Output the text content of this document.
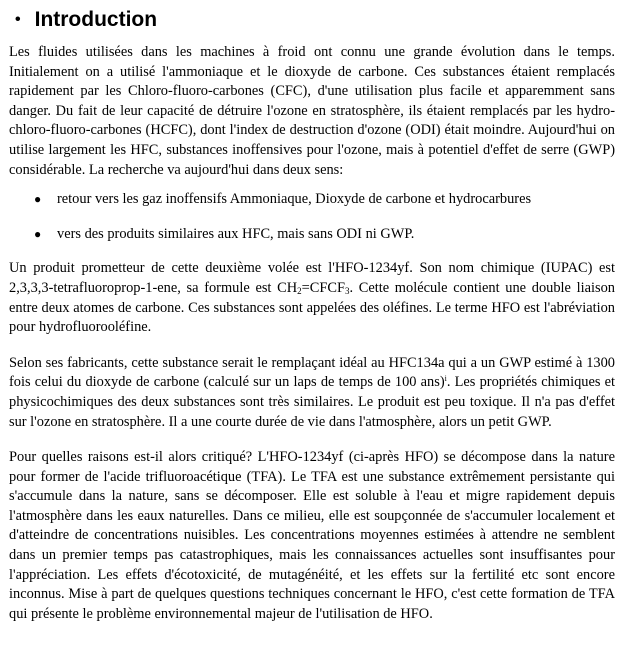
• Introduction

Les fluides utilisées dans les machines à froid ont connu une grande évolution dans le temps. Initialement on a utilisé l'ammoniaque et le dioxyde de carbone. Ces substances étaient remplacés rapidement par les Chloro-fluoro-carbones (CFC), d'une utilisation plus facile et apparemment sans danger. Du fait de leur capacité de détruire l'ozone en stratosphère, ils étaient remplacés par les hydro-chloro-fluoro-carbones (HCFC), dont l'index de destruction d'ozone (ODI) était moindre. Aujourd'hui on utilise largement les HFC, substances inoffensives pour l'ozone, mais à potentiel d'effet de serre (GWP) considérable. La recherche va aujourd'hui dans deux sens:

● retour vers les gaz inoffensifs Ammoniaque, Dioxyde de carbone et hydrocarbures
● vers des produits similaires aux HFC, mais sans ODI ni GWP.

Un produit prometteur de cette deuxième volée est l'HFO-1234yf. Son nom chimique (IUPAC) est 2,3,3,3-tetrafluoroprop-1-ene, sa formule est $CH_2=CFCF_3$. Cette molécule contient une double liaison entre deux atomes de carbone. Ces substances sont appelées des oléfines. Le terme HFO est l'abréviation pour hydrofluorooléfine.

Selon ses fabricants, cette substance serait le remplaçant idéal au HFC134a qui a un GWP estimé à 1300 fois celui du dioxyde de carbone (calculé sur un laps de temps de 100 ans)$^i$. Les propriétés chimiques et physicochimiques des deux substances sont très similaires. Le produit est peu toxique. Il n'a pas d'effet sur l'ozone en stratosphère. Il a une courte durée de vie dans l'atmosphère, alors un petit GWP.

Pour quelles raisons est-il alors critiqué? L'HFO-1234yf (ci-après HFO) se décompose dans la nature pour former de l'acide trifluoroacétique (TFA). Le TFA est une substance extrêmement persistante qui s'accumule dans la nature, sans se décomposer. Elle est soluble à l'eau et migre rapidement depuis l'atmosphère dans les eaux naturelles. Dans ce milieu, elle est soupçonnée de s'accumuler localement et d'atteindre de concentrations nuisibles. Les concentrations moyennes estimées à attendre ne semblent dans un premier temps pas catastrophiques, mais les connaissances actuelles sont insuffisantes pour l'appréciation. Les effets d'écotoxicité, de mutagénéité, et les effets sur la fertilité etc sont encore inconnus. Mise à part de quelques questions techniques concernant le HFO, c'est cette formation de TFA qui présente le problème environnemental majeur de l'utilisation de HFO.
